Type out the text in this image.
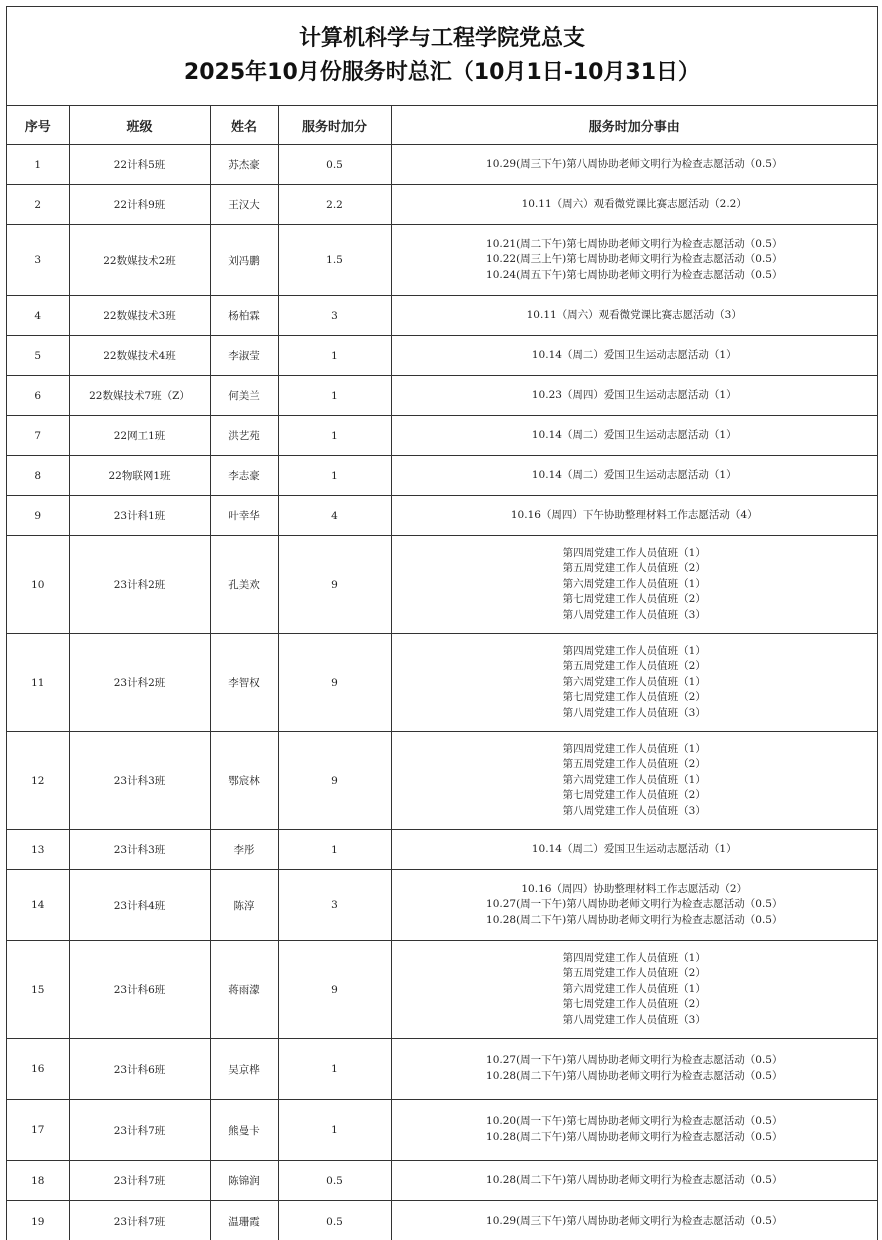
计算机科学与工程学院党总支
2025年10月份服务时总汇（10月1日-10月31日）
序号	班级	姓名	服务时加分	服务时加分事由
1	22计科5班	苏杰豪	0.5	10.29(周三下午)第八周协助老师文明行为检查志愿活动（0.5）

2	22计科9班	王汉大	2.2	10.11（周六）观看微党课比赛志愿活动（2.2）

3	22数媒技术2班	刘冯鹏	1.5	10.21(周二下午)第七周协助老师文明行为检查志愿活动（0.5）
10.22(周三上午)第七周协助老师文明行为检查志愿活动（0.5）
10.24(周五下午)第七周协助老师文明行为检查志愿活动（0.5）

4	22数媒技术3班	杨柏霖	3	10.11（周六）观看微党课比赛志愿活动（3）

5	22数媒技术4班	李淑莹	1	10.14（周二）爱国卫生运动志愿活动（1）

6	22数媒技术7班（Z）	何美兰	1	10.23（周四）爱国卫生运动志愿活动（1）

7	22网工1班	洪艺苑	1	10.14（周二）爱国卫生运动志愿活动（1）

8	22物联网1班	李志豪	1	10.14（周二）爱国卫生运动志愿活动（1）

9	23计科1班	叶幸华	4	10.16（周四）下午协助整理材料工作志愿活动（4）

10	23计科2班	孔美欢	9	第四周党建工作人员值班（1）
第五周党建工作人员值班（2）
第六周党建工作人员值班（1）
第七周党建工作人员值班（2）
第八周党建工作人员值班（3）

11	23计科2班	李智权	9	第四周党建工作人员值班（1）
第五周党建工作人员值班（2）
第六周党建工作人员值班（1）
第七周党建工作人员值班（2）
第八周党建工作人员值班（3）

12	23计科3班	鄂宸林	9	第四周党建工作人员值班（1）
第五周党建工作人员值班（2）
第六周党建工作人员值班（1）
第七周党建工作人员值班（2）
第八周党建工作人员值班（3）

13	23计科3班	李彤	1	10.14（周二）爱国卫生运动志愿活动（1）

14	23计科4班	陈淳	3	10.16（周四）协助整理材料工作志愿活动（2）
10.27(周一下午)第八周协助老师文明行为检查志愿活动（0.5）
10.28(周二下午)第八周协助老师文明行为检查志愿活动（0.5）

15	23计科6班	蒋雨濛	9	第四周党建工作人员值班（1）
第五周党建工作人员值班（2）
第六周党建工作人员值班（1）
第七周党建工作人员值班（2）
第八周党建工作人员值班（3）

16	23计科6班	吴京桦	1	10.27(周一下午)第八周协助老师文明行为检查志愿活动（0.5）
10.28(周二下午)第八周协助老师文明行为检查志愿活动（0.5）

17	23计科7班	熊曼卡	1	10.20(周一下午)第七周协助老师文明行为检查志愿活动（0.5）
10.28(周二下午)第八周协助老师文明行为检查志愿活动（0.5）

18	23计科7班	陈锦润	0.5	10.28(周二下午)第八周协助老师文明行为检查志愿活动（0.5）

19	23计科7班	温珊霞	0.5	10.29(周三下午)第八周协助老师文明行为检查志愿活动（0.5）
